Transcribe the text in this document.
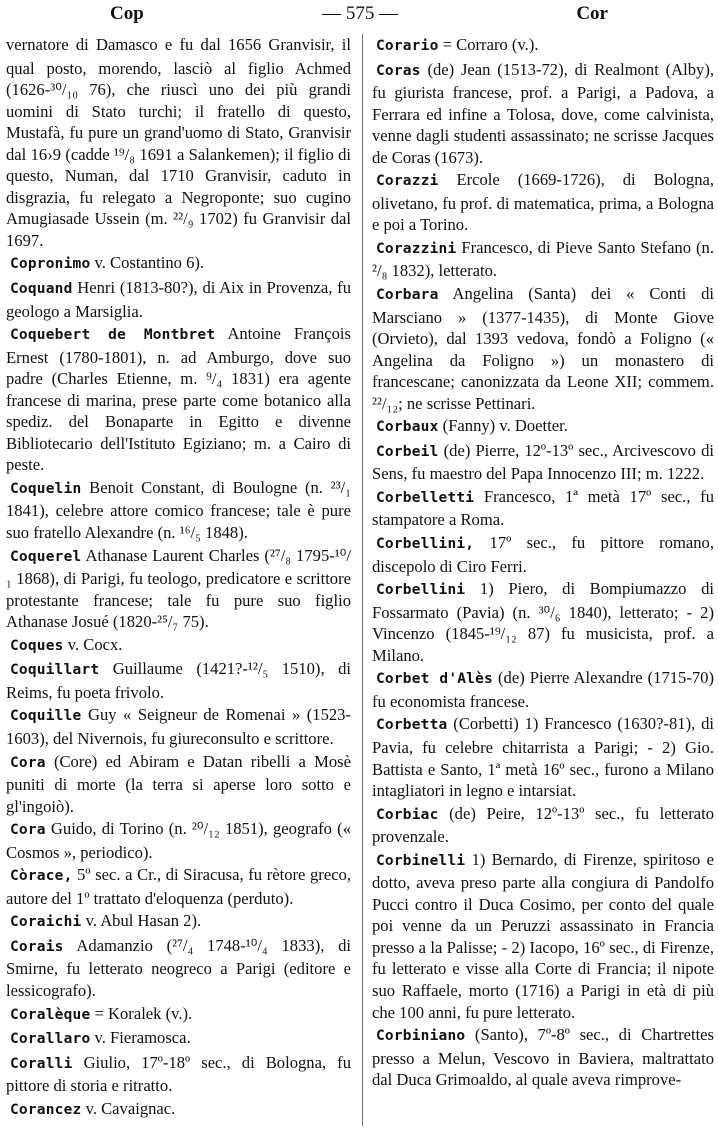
Cop	— 575 —	Cor

vernatore di Damasco e fu dal 1656 Granvisir, il qual posto, morendo, lasciò al figlio Achmed (1626-³⁰/₁₀ 76), che riuscì uno dei più grandi uomini di Stato turchi; il fratello di questo, Mustafà, fu pure un grand'uomo di Stato, Granvisir dal 16›9 (cadde ¹⁹/₈ 1691 a Salankemen); il figlio di questo, Numan, dal 1710 Granvisir, caduto in disgrazia, fu relegato a Negroponte; suo cugino Amugiasade Ussein (m. ²²/₉ 1702) fu Granvisir dal 1697.

Copronimo v. Costantino 6).

Coquand Henri (1813-80?), di Aix in Provenza, fu geologo a Marsiglia.

Coquebert de Montbret Antoine François Ernest (1780-1801), n. ad Amburgo, dove suo padre (Charles Etienne, m. ⁹/₄ 1831) era agente francese di marina, prese parte come botanico alla spediz. del Bonaparte in Egitto e divenne Bibliotecario dell'Istituto Egiziano; m. a Cairo di peste.

Coquelin Benoit Constant, di Boulogne (n. ²³/₁ 1841), celebre attore comico francese; tale è pure suo fratello Alexandre (n. ¹⁶/₅ 1848).

Coquerel Athanase Laurent Charles (²⁷/₈ 1795-¹⁰/₁ 1868), di Parigi, fu teologo, predicatore e scrittore protestante francese; tale fu pure suo figlio Athanase Josué (1820-²⁵/₇ 75).

Coques v. Cocx.

Coquillart Guillaume (1421?-¹²/₅ 1510), di Reims, fu poeta frivolo.

Coquille Guy « Seigneur de Romenai » (1523-1603), del Nivernois, fu giureconsulto e scrittore.

Cora (Core) ed Abiram e Datan ribelli a Mosè puniti di morte (la terra si aperse loro sotto e gl'ingoiò).

Cora Guido, di Torino (n. ²⁰/₁₂ 1851), geografo (« Cosmos », periodico).

Còrace, 5º sec. a Cr., di Siracusa, fu rètore greco, autore del 1º trattato d'eloquenza (perduto).

Coraichi v. Abul Hasan 2).

Corais Adamanzio (²⁷/₄ 1748-¹⁰/₄ 1833), di Smirne, fu letterato neogreco a Parigi (editore e lessicografo).

Coralèque = Koralek (v.).

Corallaro v. Fieramosca.

Coralli Giulio, 17º-18º sec., di Bologna, fu pittore di storia e ritratto.

Corancez v. Cavaignac.

Corario = Corraro (v.).

Coras (de) Jean (1513-72), di Realmont (Alby), fu giurista francese, prof. a Parigi, a Padova, a Ferrara ed infine a Tolosa, dove, come calvinista, venne dagli studenti assassinato; ne scrisse Jacques de Coras (1673).

Corazzi Ercole (1669-1726), di Bologna, olivetano, fu prof. di matematica, prima, a Bologna e poi a Torino.

Corazzini Francesco, di Pieve Santo Stefano (n. ²/₈ 1832), letterato.

Corbara Angelina (Santa) dei « Conti di Marsciano » (1377-1435), di Monte Giove (Orvieto), dal 1393 vedova, fondò a Foligno (« Angelina da Foligno ») un monastero di francescane; canonizzata da Leone XII; commem. ²²/₁₂; ne scrisse Pettinari.

Corbaux (Fanny) v. Doetter.

Corbeil (de) Pierre, 12º-13º sec., Arcivescovo di Sens, fu maestro del Papa Innocenzo III; m. 1222.

Corbelletti Francesco, 1ª metà 17º sec., fu stampatore a Roma.

Corbellini, 17º sec., fu pittore romano, discepolo di Ciro Ferri.

Corbellini 1) Piero, di Bompiumazzo di Fossarmato (Pavia) (n. ³⁰/₆ 1840), letterato; - 2) Vincenzo (1845-¹⁹/₁₂ 87) fu musicista, prof. a Milano.

Corbet d'Alès (de) Pierre Alexandre (1715-70) fu economista francese.

Corbetta (Corbetti) 1) Francesco (1630?-81), di Pavia, fu celebre chitarrista a Parigi; - 2) Gio. Battista e Santo, 1ª metà 16º sec., furono a Milano intagliatori in legno e intarsiat.

Corbiac (de) Peire, 12º-13º sec., fu letterato provenzale.

Corbinelli 1) Bernardo, di Firenze, spiritoso e dotto, aveva preso parte alla congiura di Pandolfo Pucci contro il Duca Cosimo, per conto del quale poi venne da un Peruzzi assassinato in Francia presso a la Palisse; - 2) Iacopo, 16º sec., di Firenze, fu letterato e visse alla Corte di Francia; il nipote suo Raffaele, morto (1716) a Parigi in età di più che 100 anni, fu pure letterato.

Corbiniano (Santo), 7º-8º sec., di Chartrettes presso a Melun, Vescovo in Baviera, maltrattato dal Duca Grimoaldo, al quale aveva rimprove-
